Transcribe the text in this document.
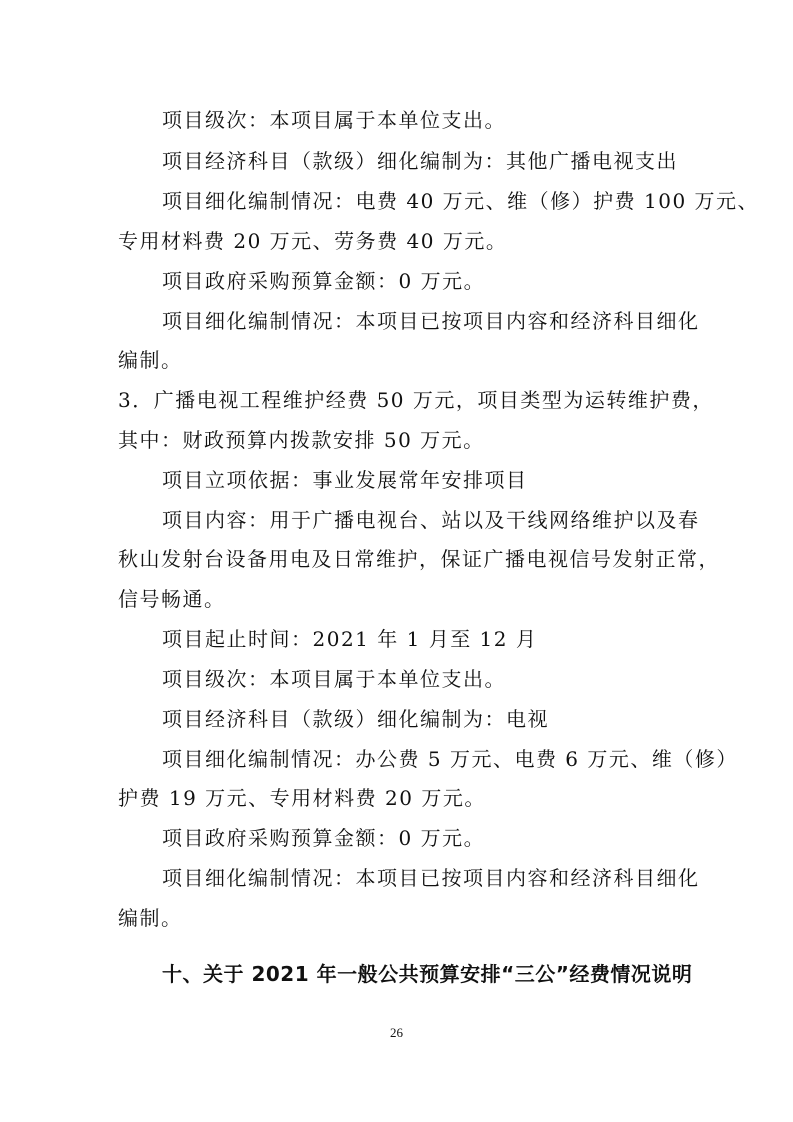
项目级次：本项目属于本单位支出。
项目经济科目（款级）细化编制为：其他广播电视支出
项目细化编制情况：电费 40 万元、维（修）护费 100 万元、
专用材料费 20 万元、劳务费 40 万元。
项目政府采购预算金额：0 万元。
项目细化编制情况：本项目已按项目内容和经济科目细化
编制。
3．广播电视工程维护经费 50 万元，项目类型为运转维护费，
其中：财政预算内拨款安排 50 万元。
项目立项依据：事业发展常年安排项目
项目内容：用于广播电视台、站以及干线网络维护以及春
秋山发射台设备用电及日常维护，保证广播电视信号发射正常，
信号畅通。
项目起止时间：2021 年 1 月至 12 月
项目级次：本项目属于本单位支出。
项目经济科目（款级）细化编制为：电视
项目细化编制情况：办公费 5 万元、电费 6 万元、维（修）
护费 19 万元、专用材料费 20 万元。
项目政府采购预算金额：0 万元。
项目细化编制情况：本项目已按项目内容和经济科目细化
编制。
十、关于 2021 年一般公共预算安排“三公”经费情况说明
26
